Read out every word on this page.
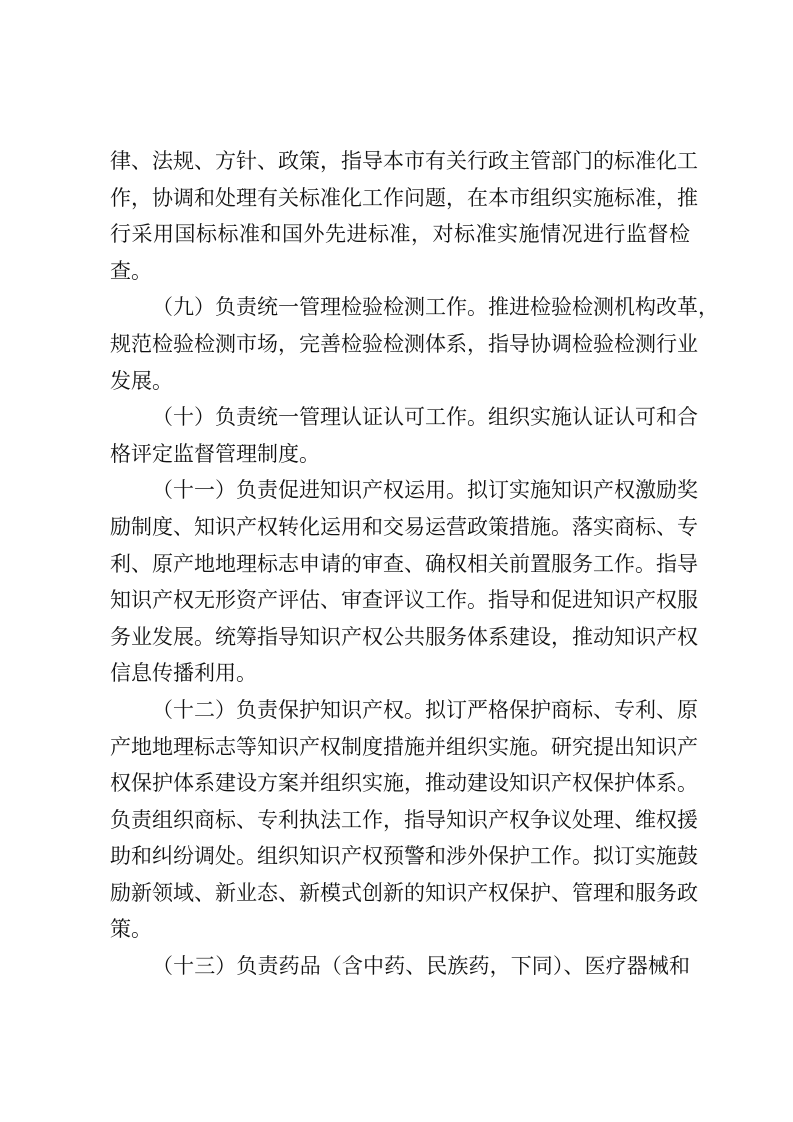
律、法规、方针、政策，指导本市有关行政主管部门的标准化工
作，协调和处理有关标准化工作问题，在本市组织实施标准，推
行采用国标标准和国外先进标准，对标准实施情况进行监督检
查。
（九）负责统一管理检验检测工作。推进检验检测机构改革，
规范检验检测市场，完善检验检测体系，指导协调检验检测行业
发展。
（十）负责统一管理认证认可工作。组织实施认证认可和合
格评定监督管理制度。
（十一）负责促进知识产权运用。拟订实施知识产权激励奖
励制度、知识产权转化运用和交易运营政策措施。落实商标、专
利、原产地地理标志申请的审查、确权相关前置服务工作。指导
知识产权无形资产评估、审查评议工作。指导和促进知识产权服
务业发展。统筹指导知识产权公共服务体系建设，推动知识产权
信息传播利用。
（十二）负责保护知识产权。拟订严格保护商标、专利、原
产地地理标志等知识产权制度措施并组织实施。研究提出知识产
权保护体系建设方案并组织实施，推动建设知识产权保护体系。
负责组织商标、专利执法工作，指导知识产权争议处理、维权援
助和纠纷调处。组织知识产权预警和涉外保护工作。拟订实施鼓
励新领域、新业态、新模式创新的知识产权保护、管理和服务政
策。
（十三）负责药品（含中药、民族药，下同）、医疗器械和
